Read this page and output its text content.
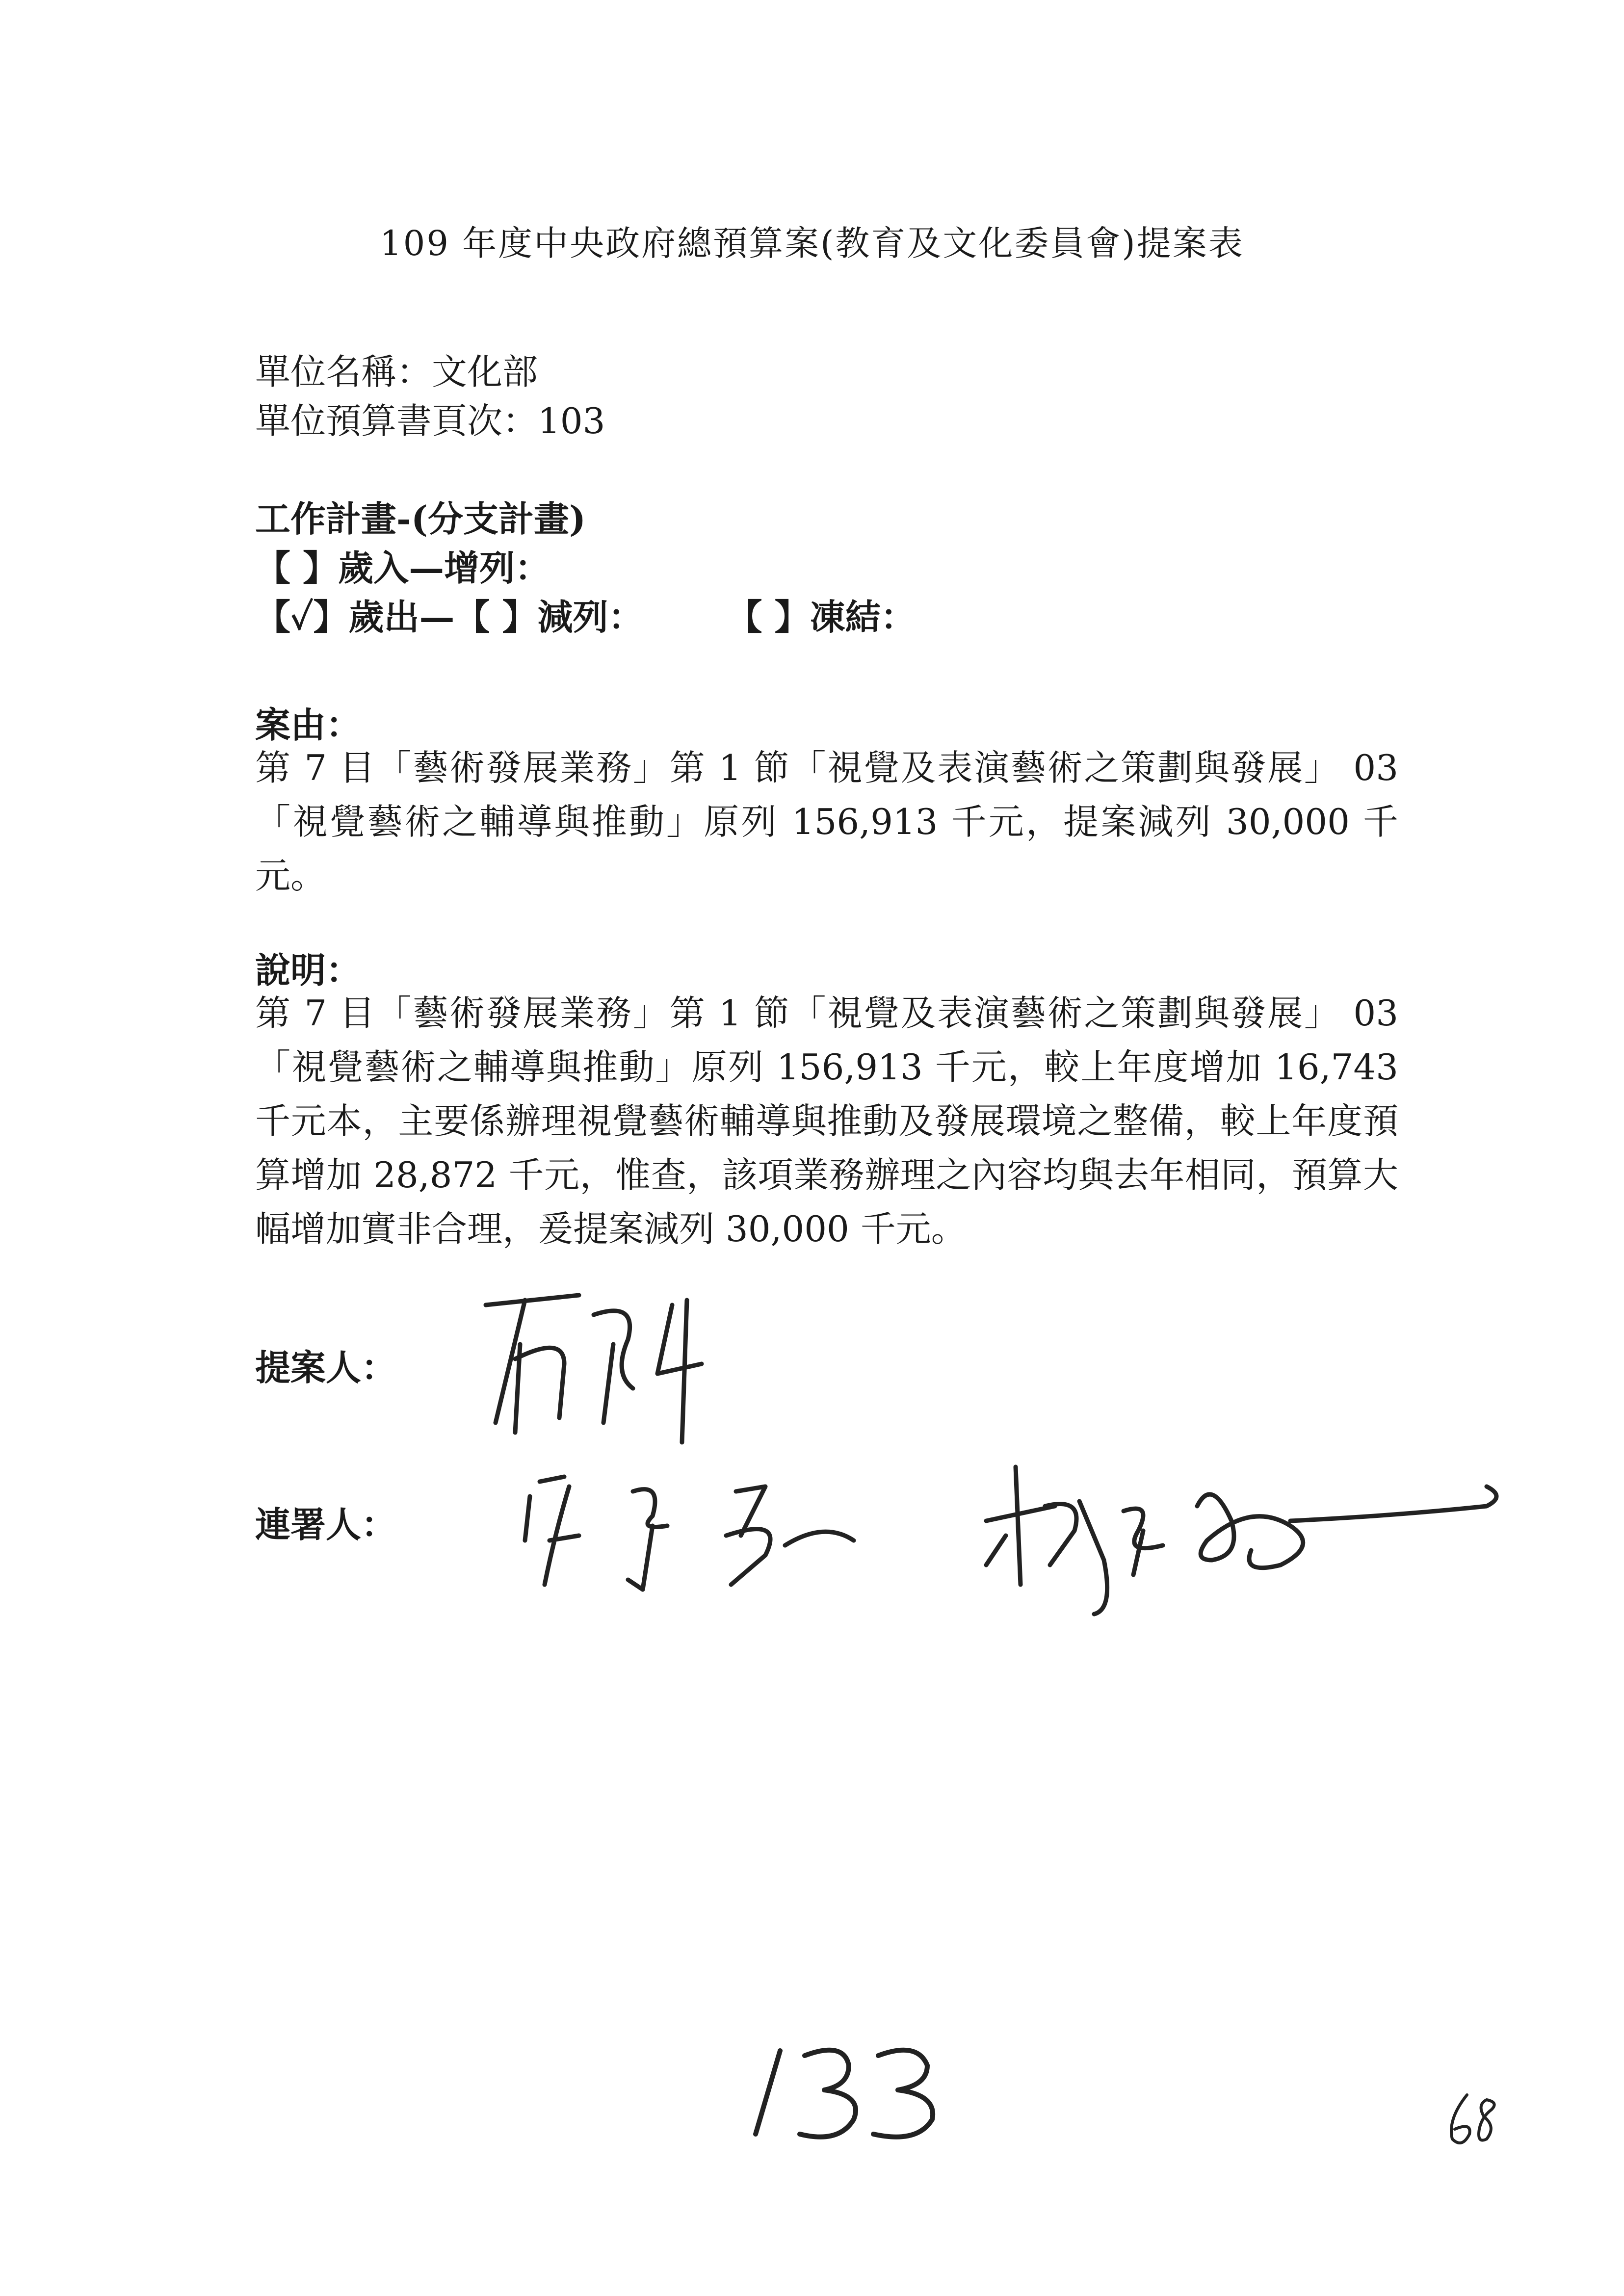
109 年度中央政府總預算案(教育及文化委員會)提案表
單位名稱：文化部
單位預算書頁次：103
工作計畫-(分支計畫)
【 】歲入—增列：
【✓】歲出—【 】減列： 【 】凍結：
案由：
第 7 目「藝術發展業務」第 1 節「視覺及表演藝術之策劃與發展」 03「視覺藝術之輔導與推動」原列 156,913 千元，提案減列 30,000 千元。
說明：
第 7 目「藝術發展業務」第 1 節「視覺及表演藝術之策劃與發展」 03「視覺藝術之輔導與推動」原列 156,913 千元，較上年度增加 16,743 千元本，主要係辦理視覺藝術輔導與推動及發展環境之整備，較上年度預算增加 28,872 千元，惟查，該項業務辦理之內容均與去年相同，預算大幅增加實非合理，爰提案減列 30,000 千元。
提案人：
連署人：
